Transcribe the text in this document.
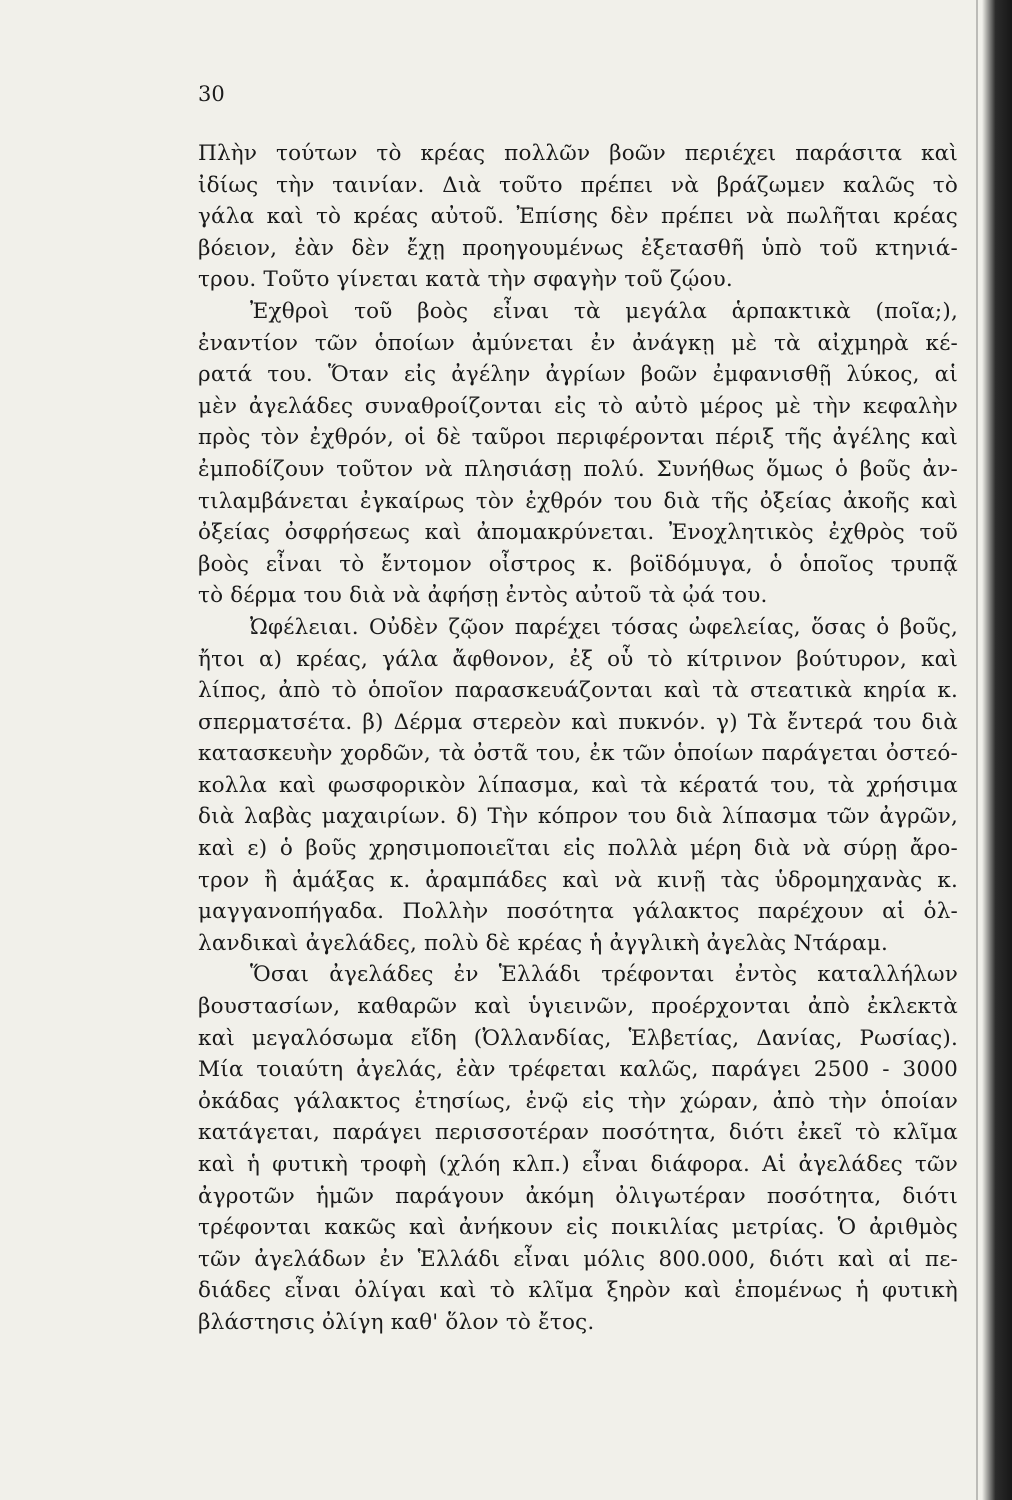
30

Πλὴν τούτων τὸ κρέας πολλῶν βοῶν περιέχει παράσιτα καὶ
ἰδίως τὴν ταινίαν. Διὰ τοῦτο πρέπει νὰ βράζωμεν καλῶς τὸ
γάλα καὶ τὸ κρέας αὐτοῦ. Ἐπίσης δὲν πρέπει νὰ πωλῆται κρέας
βόειον, ἐὰν δὲν ἔχῃ προηγουμένως ἐξετασθῆ ὑπὸ τοῦ κτηνιά-
τρου. Τοῦτο γίνεται κατὰ τὴν σφαγὴν τοῦ ζῴου.
Ἐχθροὶ τοῦ βοὸς εἶναι τὰ μεγάλα ἁρπακτικὰ (ποῖα;),
ἐναντίον τῶν ὁποίων ἀμύνεται ἐν ἀνάγκῃ μὲ τὰ αἰχμηρὰ κέ-
ρατά του. Ὅταν εἰς ἀγέλην ἀγρίων βοῶν ἐμφανισθῇ λύκος, αἱ
μὲν ἀγελάδες συναθροίζονται εἰς τὸ αὐτὸ μέρος μὲ τὴν κεφαλὴν
πρὸς τὸν ἐχθρόν, οἱ δὲ ταῦροι περιφέρονται πέριξ τῆς ἀγέλης καὶ
ἐμποδίζουν τοῦτον νὰ πλησιάσῃ πολύ. Συνήθως ὅμως ὁ βοῦς ἀν-
τιλαμβάνεται ἐγκαίρως τὸν ἐχθρόν του διὰ τῆς ὀξείας ἀκοῆς καὶ
ὀξείας ὀσφρήσεως καὶ ἀπομακρύνεται. Ἐνοχλητικὸς ἐχθρὸς τοῦ
βοὸς εἶναι τὸ ἔντομον οἶστρος κ. βοϊδόμυγα, ὁ ὁποῖος τρυπᾷ
τὸ δέρμα του διὰ νὰ ἀφήσῃ ἐντὸς αὐτοῦ τὰ ᾠά του.
Ὠφέλειαι. Οὐδὲν ζῷον παρέχει τόσας ὠφελείας, ὅσας ὁ βοῦς,
ἤτοι α) κρέας, γάλα ἄφθονον, ἐξ οὗ τὸ κίτρινον βούτυρον, καὶ
λίπος, ἀπὸ τὸ ὁποῖον παρασκευάζονται καὶ τὰ στεατικὰ κηρία κ.
σπερματσέτα. β) Δέρμα στερεὸν καὶ πυκνόν. γ) Τὰ ἔντερά του διὰ
κατασκευὴν χορδῶν, τὰ ὀστᾶ του, ἐκ τῶν ὁποίων παράγεται ὀστεό-
κολλα καὶ φωσφορικὸν λίπασμα, καὶ τὰ κέρατά του, τὰ χρήσιμα
διὰ λαβὰς μαχαιρίων. δ) Τὴν κόπρον του διὰ λίπασμα τῶν ἀγρῶν,
καὶ ε) ὁ βοῦς χρησιμοποιεῖται εἰς πολλὰ μέρη διὰ νὰ σύρῃ ἄρο-
τρον ἢ ἁμάξας κ. ἀραμπάδες καὶ νὰ κινῇ τὰς ὑδρομηχανὰς κ.
μαγγανοπήγαδα. Πολλὴν ποσότητα γάλακτος παρέχουν αἱ ὁλ-
λανδικαὶ ἀγελάδες, πολὺ δὲ κρέας ἡ ἀγγλικὴ ἀγελὰς Ντάραμ.
Ὅσαι ἀγελάδες ἐν Ἑλλάδι τρέφονται ἐντὸς καταλλήλων
βουστασίων, καθαρῶν καὶ ὑγιεινῶν, προέρχονται ἀπὸ ἐκλεκτὰ
καὶ μεγαλόσωμα εἴδη (Ὀλλανδίας, Ἑλβετίας, Δανίας, Ρωσίας).
Μία τοιαύτη ἀγελάς, ἐὰν τρέφεται καλῶς, παράγει 2500 - 3000
ὀκάδας γάλακτος ἐτησίως, ἐνῷ εἰς τὴν χώραν, ἀπὸ τὴν ὁποίαν
κατάγεται, παράγει περισσοτέραν ποσότητα, διότι ἐκεῖ τὸ κλῖμα
καὶ ἡ φυτικὴ τροφὴ (χλόη κλπ.) εἶναι διάφορα. Αἱ ἀγελάδες τῶν
ἀγροτῶν ἡμῶν παράγουν ἀκόμη ὀλιγωτέραν ποσότητα, διότι
τρέφονται κακῶς καὶ ἀνήκουν εἰς ποικιλίας μετρίας. Ὁ ἀριθμὸς
τῶν ἀγελάδων ἐν Ἑλλάδι εἶναι μόλις 800.000, διότι καὶ αἱ πε-
διάδες εἶναι ὀλίγαι καὶ τὸ κλῖμα ξηρὸν καὶ ἑπομένως ἡ φυτικὴ
βλάστησις ὀλίγη καθ' ὅλον τὸ ἔτος.
